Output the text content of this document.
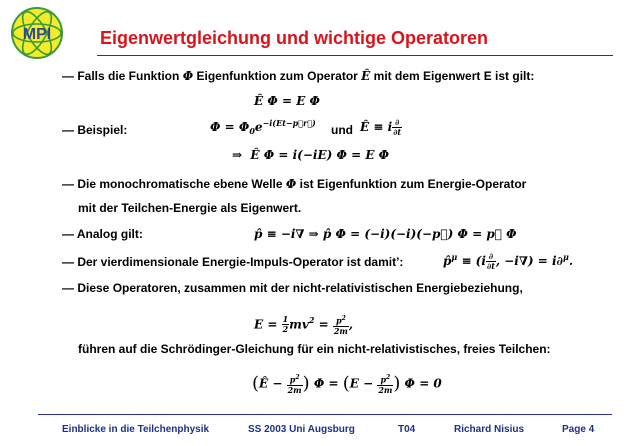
MPI	Eigenwertgleichung und wichtige Operatoren
— Falls die Funktion Φ Eigenfunktion zum Operator Ê mit dem Eigenwert E ist gilt:
Ê Φ = E Φ
— Beispiel:	$\Phi = \Phi_0e^{-i(Et-p⃗r⃗)}$ und Ê ≡ i $\frac{\partial}{\partial t}$
⇒  Ê Φ = i(−iE) Φ = E Φ
— Die monochromatische ebene Welle Φ ist Eigenfunktion zum Energie-Operator
mit der Teilchen-Energie als Eigenwert.
— Analog gilt:	p̂ ≡ −i∇ ⇒ p̂ Φ = (−i)(−i)(−p⃗) Φ = p⃗ Φ
— Der vierdimensionale Energie-Impuls-Operator ist damit’:	p̂$^\mu$ ≡ ($i \frac{\partial}{\partial t}$ , −i∇) = i∂$^\mu$.
— Diese Operatoren, zusammen mit der nicht-relativistischen Energiebeziehung,
$E = \frac{1}{2} mv^2 = \frac{p^2}{2m}$ ,
führen auf die Schrödinger-Gleichung für ein nicht-relativistisches, freies Teilchen:
(Ê − $\frac{p^2}{2m}$ ) $\Phi = (E - \frac{p^2}{2m}$ ) Φ = 0
Einblicke in die Teilchenphysik	SS 2003 Uni Augsburg	T04	Richard Nisius	Page 4
